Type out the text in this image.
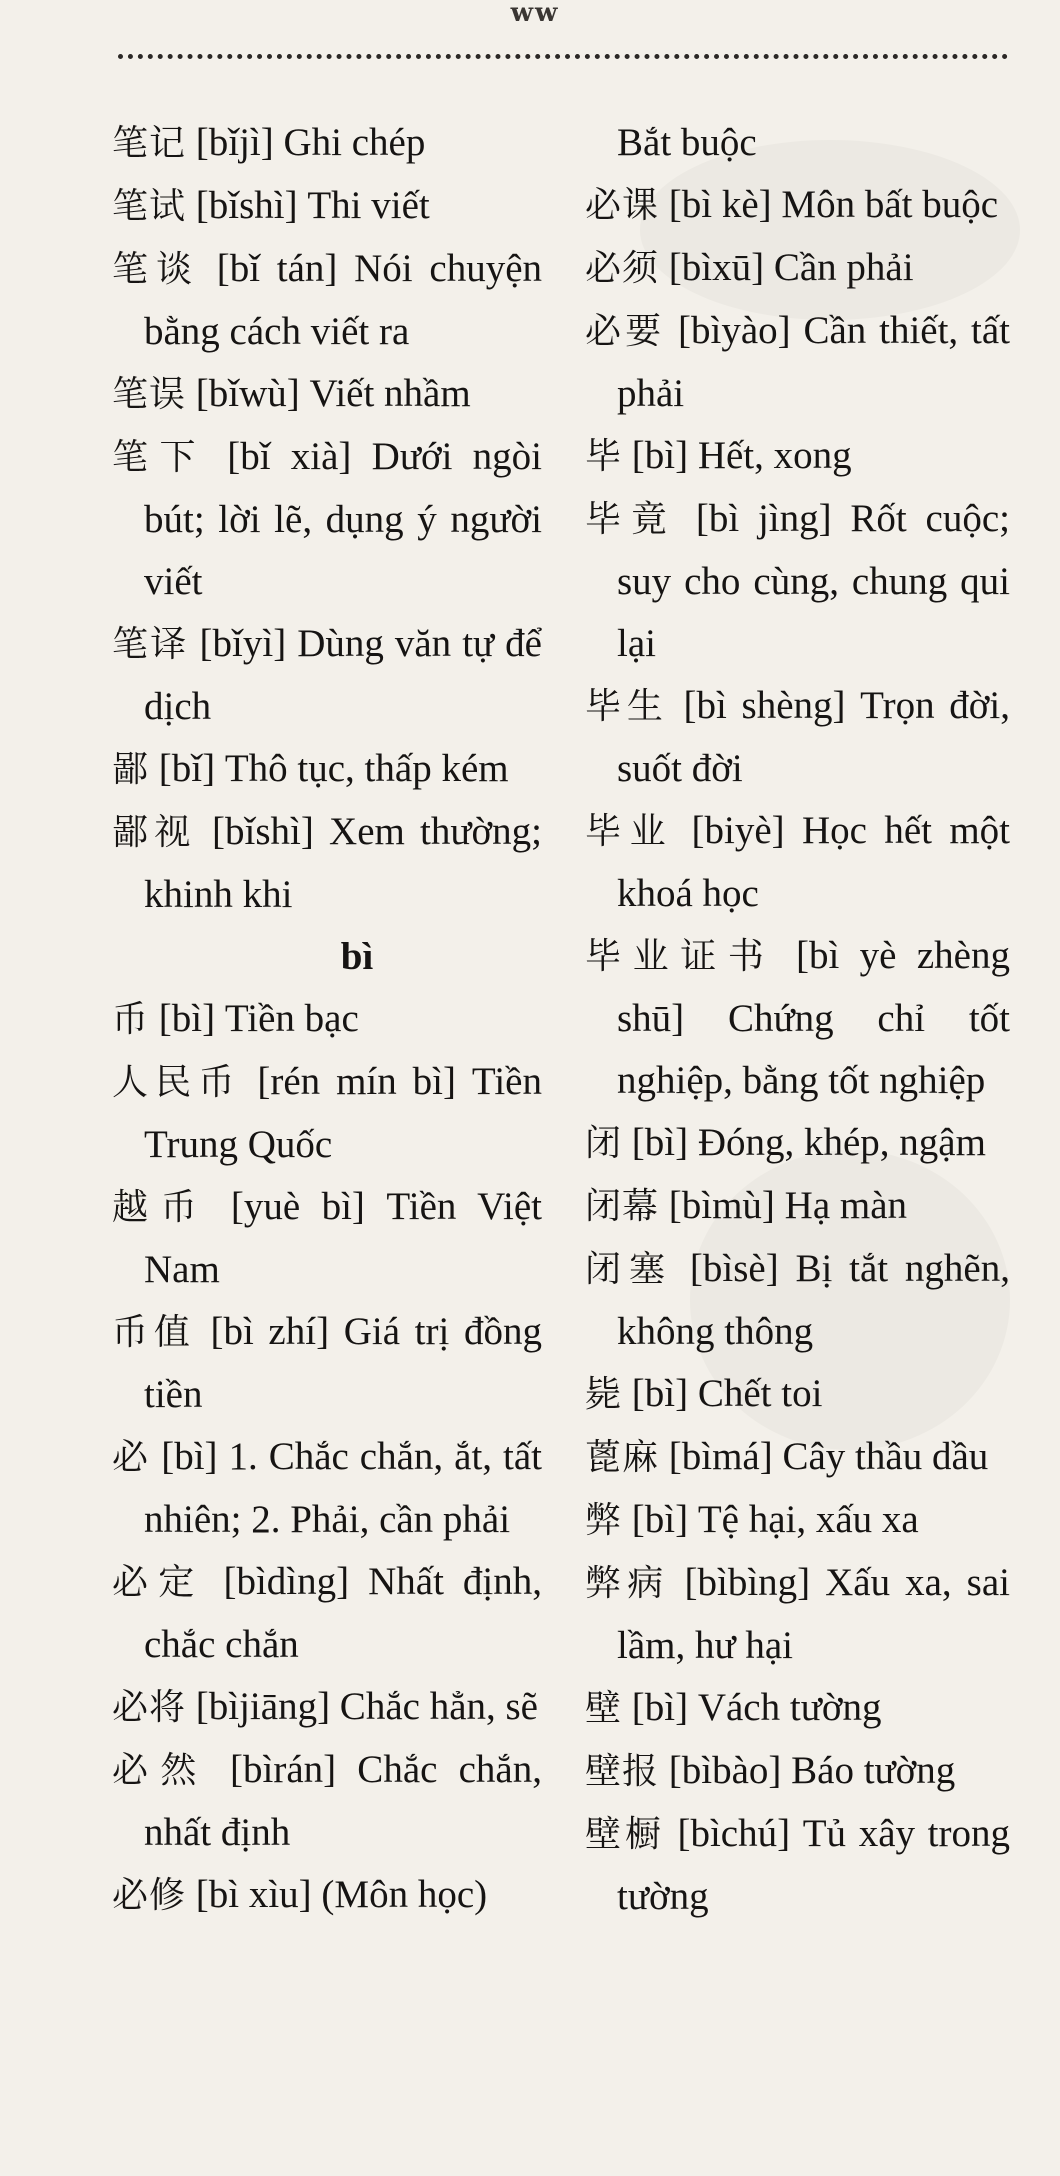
ww

笔记 [bǐjì] Ghi chép

笔试 [bǐshì] Thi viết

笔谈 [bǐ tán] Nói chuyện bằng cách viết ra

笔误 [bǐwù] Viết nhầm

笔下 [bǐ xià] Dưới ngòi bút; lời lẽ, dụng ý người viết

笔译 [bǐyì] Dùng văn tự để dịch

鄙 [bǐ] Thô tục, thấp kém

鄙视 [bǐshì] Xem thường; khinh khi

bì

币 [bì] Tiền bạc

人民币 [rén mín bì] Tiền Trung Quốc

越币 [yuè bì] Tiền Việt Nam

币值 [bì zhí] Giá trị đồng tiền

必 [bì] 1. Chắc chắn, ắt, tất nhiên; 2. Phải, cần phải

必定 [bìdìng] Nhất định, chắc chắn

必将 [bìjiāng] Chắc hẳn, sẽ

必然 [bìrán] Chắc chắn, nhất định

必修 [bì xìu] (Môn học)

Bắt buộc

必课 [bì kè] Môn bất buộc

必须 [bìxū] Cần phải

必要 [bìyào] Cần thiết, tất phải

毕 [bì] Hết, xong

毕竟 [bì jìng] Rốt cuộc; suy cho cùng, chung qui lại

毕生 [bì shèng] Trọn đời, suốt đời

毕业 [biyè] Học hết một khoá học

毕业证书 [bì yè zhèng shū] Chứng chỉ tốt nghiệp, bằng tốt nghiệp

闭 [bì] Đóng, khép, ngậm

闭幕 [bìmù] Hạ màn

闭塞 [bìsè] Bị tắt nghẽn, không thông

毙 [bì] Chết toi

蓖麻 [bìmá] Cây thầu dầu

弊 [bì] Tệ hại, xấu xa

弊病 [bìbìng] Xấu xa, sai lầm, hư hại

壁 [bì] Vách tường

壁报 [bìbào] Báo tường

壁橱 [bìchú] Tủ xây trong tường
